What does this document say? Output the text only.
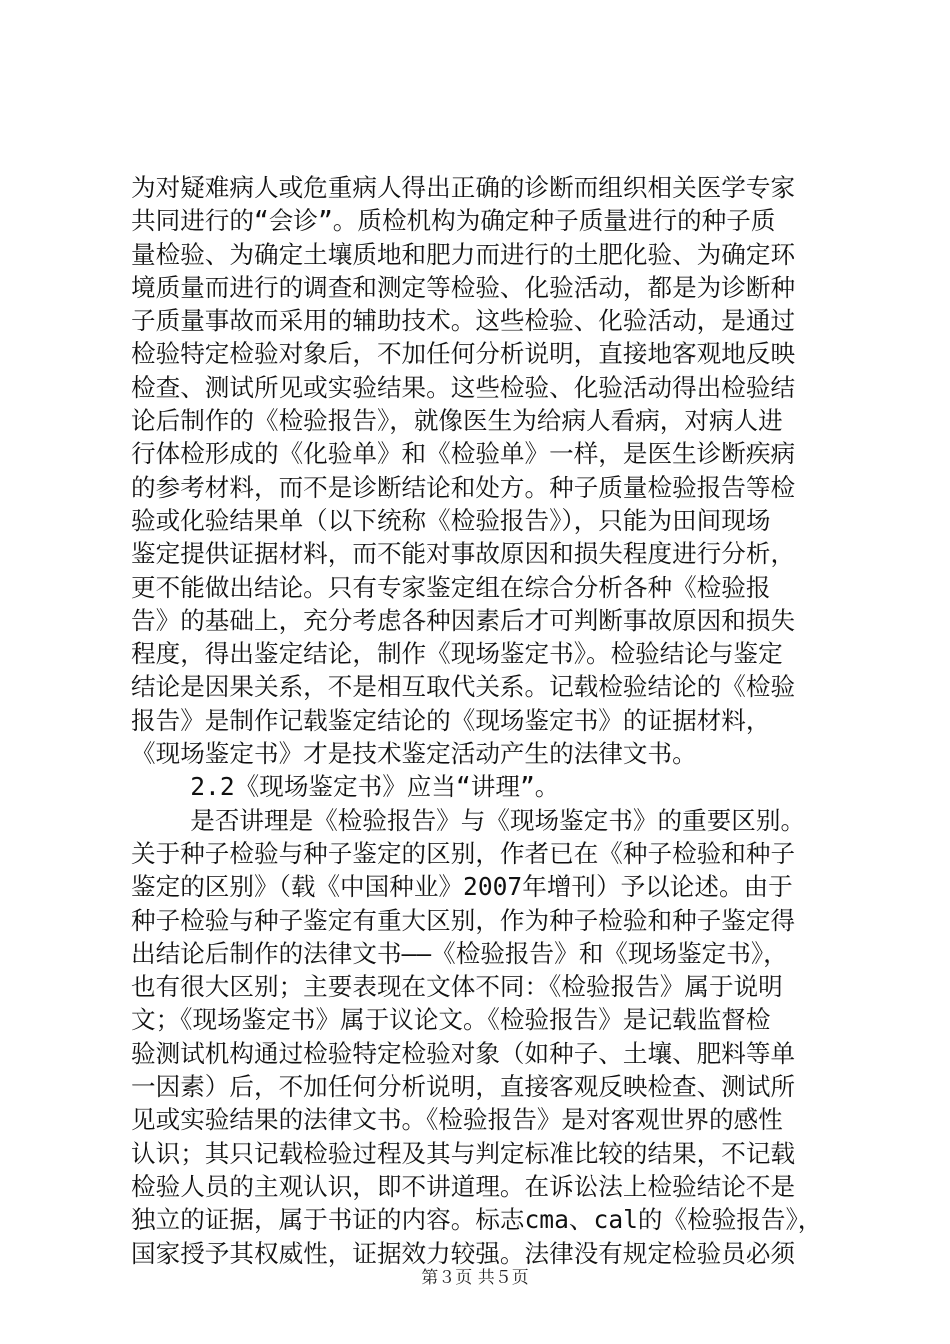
为对疑难病人或危重病人得出正确的诊断而组织相关医学专家
共同进行的“会诊”。质检机构为确定种子质量进行的种子质
量检验、为确定土壤质地和肥力而进行的土肥化验、为确定环
境质量而进行的调查和测定等检验、化验活动，都是为诊断种
子质量事故而采用的辅助技术。这些检验、化验活动，是通过
检验特定检验对象后，不加任何分析说明，直接地客观地反映
检查、测试所见或实验结果。这些检验、化验活动得出检验结
论后制作的《检验报告》，就像医生为给病人看病，对病人进
行体检形成的《化验单》和《检验单》一样，是医生诊断疾病
的参考材料，而不是诊断结论和处方。种子质量检验报告等检
验或化验结果单（以下统称《检验报告》），只能为田间现场
鉴定提供证据材料，而不能对事故原因和损失程度进行分析，
更不能做出结论。只有专家鉴定组在综合分析各种《检验报
告》的基础上，充分考虑各种因素后才可判断事故原因和损失
程度，得出鉴定结论，制作《现场鉴定书》。检验结论与鉴定
结论是因果关系，不是相互取代关系。记载检验结论的《检验
报告》是制作记载鉴定结论的《现场鉴定书》的证据材料，
《现场鉴定书》才是技术鉴定活动产生的法律文书。
2.2《现场鉴定书》应当“讲理”。
是否讲理是《检验报告》与《现场鉴定书》的重要区别。
关于种子检验与种子鉴定的区别，作者已在《种子检验和种子
鉴定的区别》（载《中国种业》2007年增刊）予以论述。由于
种子检验与种子鉴定有重大区别，作为种子检验和种子鉴定得
出结论后制作的法律文书——《检验报告》和《现场鉴定书》，
也有很大区别；主要表现在文体不同：《检验报告》属于说明
文；《现场鉴定书》属于议论文。《检验报告》是记载监督检
验测试机构通过检验特定检验对象（如种子、土壤、肥料等单
一因素）后，不加任何分析说明，直接客观反映检查、测试所
见或实验结果的法律文书。《检验报告》是对客观世界的感性
认识；其只记载检验过程及其与判定标准比较的结果，不记载
检验人员的主观认识，即不讲道理。在诉讼法上检验结论不是
独立的证据，属于书证的内容。标志cma、cal的《检验报告》，
国家授予其权威性，证据效力较强。法律没有规定检验员必须
第３页 共５页
